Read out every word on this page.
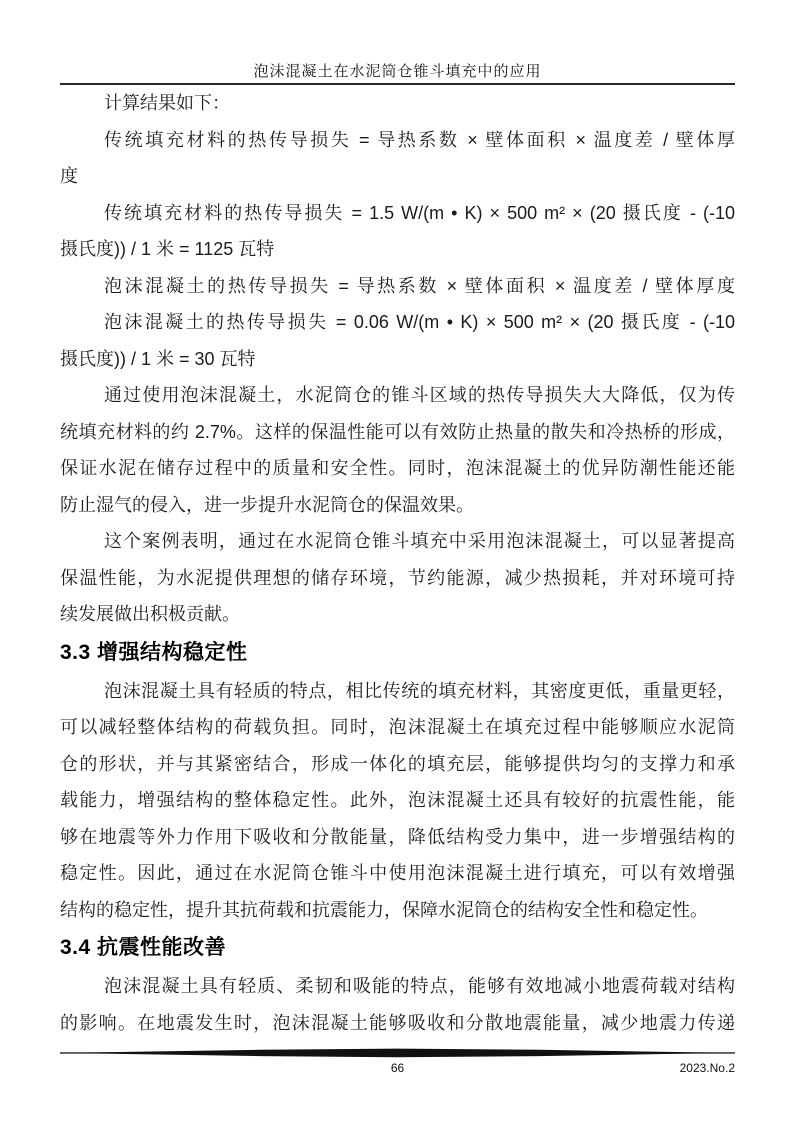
泡沫混凝土在水泥筒仓锥斗填充中的应用

计算结果如下：

传统填充材料的热传导损失 = 导热系数 × 壁体面积 × 温度差 / 壁体厚
度

传统填充材料的热传导损失 = 1.5 W/(m • K) × 500 m² × (20 摄氏度 - (-10
摄氏度)) / 1 米 = 1125 瓦特

泡沫混凝土的热传导损失 = 导热系数 × 壁体面积 × 温度差 / 壁体厚度

泡沫混凝土的热传导损失 = 0.06 W/(m • K) × 500 m² × (20 摄氏度 - (-10
摄氏度)) / 1 米 = 30 瓦特

通过使用泡沫混凝土，水泥筒仓的锥斗区域的热传导损失大大降低，仅为传
统填充材料的约 2.7%。这样的保温性能可以有效防止热量的散失和冷热桥的形成，
保证水泥在储存过程中的质量和安全性。同时，泡沫混凝土的优异防潮性能还能
防止湿气的侵入，进一步提升水泥筒仓的保温效果。

这个案例表明，通过在水泥筒仓锥斗填充中采用泡沫混凝土，可以显著提高
保温性能，为水泥提供理想的储存环境，节约能源，减少热损耗，并对环境可持
续发展做出积极贡献。

3.3 增强结构稳定性

泡沫混凝土具有轻质的特点，相比传统的填充材料，其密度更低，重量更轻，
可以减轻整体结构的荷载负担。同时，泡沫混凝土在填充过程中能够顺应水泥筒
仓的形状，并与其紧密结合，形成一体化的填充层，能够提供均匀的支撑力和承
载能力，增强结构的整体稳定性。此外，泡沫混凝土还具有较好的抗震性能，能
够在地震等外力作用下吸收和分散能量，降低结构受力集中，进一步增强结构的
稳定性。因此，通过在水泥筒仓锥斗中使用泡沫混凝土进行填充，可以有效增强
结构的稳定性，提升其抗荷载和抗震能力，保障水泥筒仓的结构安全性和稳定性。

3.4 抗震性能改善

泡沫混凝土具有轻质、柔韧和吸能的特点，能够有效地减小地震荷载对结构
的影响。在地震发生时，泡沫混凝土能够吸收和分散地震能量，减少地震力传递

66	2023.No.2
